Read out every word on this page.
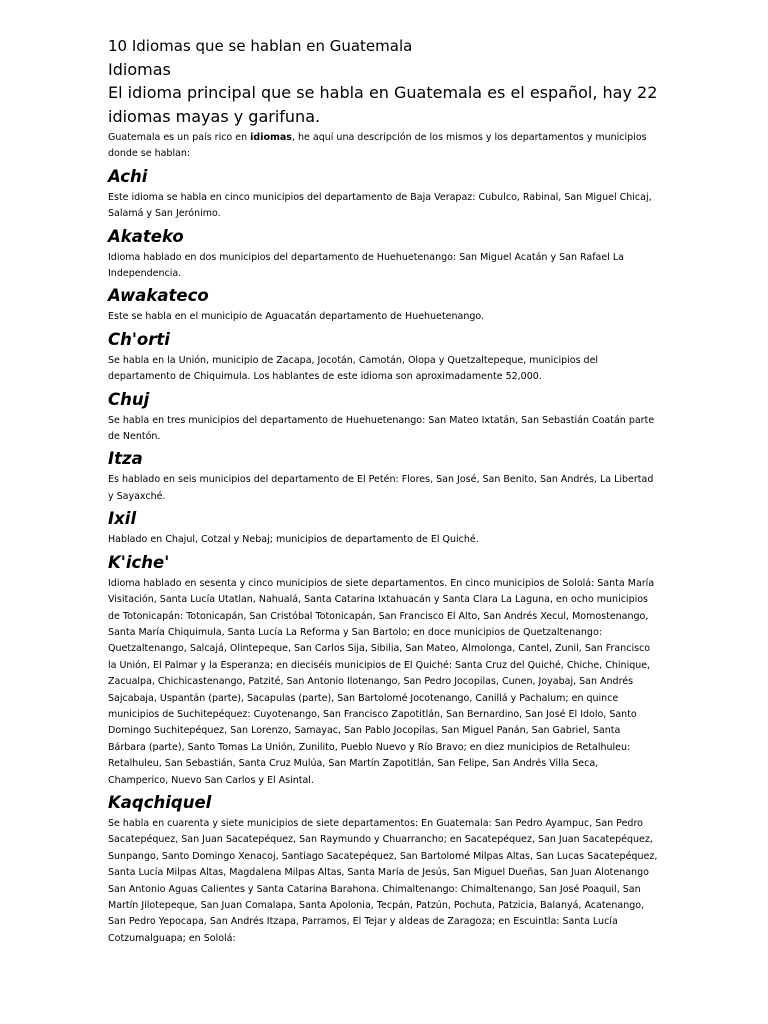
10 Idiomas que se hablan en Guatemala

Idiomas

El idioma principal que se habla en Guatemala es el español, hay 22 idiomas mayas y garifuna.

Guatemala es un país rico en idiomas, he aquí una descripción de los mismos y los departamentos y municipios donde se hablan:

Achi

Este idioma se habla en cinco municipios del departamento de Baja Verapaz: Cubulco, Rabinal, San Miguel Chicaj, Salamá y San Jerónimo.

Akateko

Idioma hablado en dos municipios del departamento de Huehuetenango: San Miguel Acatán y San Rafael La Independencia.

Awakateco

Este se habla en el municipio de Aguacatán departamento de Huehuetenango.

Ch'orti

Se habla en la Unión, municipio de Zacapa, Jocotán, Camotán, Olopa y Quetzaltepeque, municipios del departamento de Chiquimula. Los hablantes de este idioma son aproximadamente 52,000.

Chuj

Se habla en tres municipios del departamento de Huehuetenango: San Mateo Ixtatán, San Sebastián Coatán parte de Nentón.

Itza

Es hablado en seis municipios del departamento de El Petén: Flores, San José, San Benito, San Andrés, La Libertad y Sayaxché.

Ixil

Hablado en Chajul, Cotzal y Nebaj; municipios de departamento de El Quiché.

K'iche'

Idioma hablado en sesenta y cinco municipios de siete departamentos. En cinco municipios de Sololá: Santa María Visitación, Santa Lucía Utatlan, Nahualá, Santa Catarina Ixtahuacán y Santa Clara La Laguna, en ocho municipios de Totonicapán: Totonicapán, San Cristóbal Totonicapán, San Francisco El Alto, San Andrés Xecul, Momostenango, Santa María Chiquimula, Santa Lucía La Reforma y San Bartolo; en doce municipios de Quetzaltenango: Quetzaltenango, Salcajá, Olintepeque, San Carlos Sija, Sibilia, San Mateo, Almolonga, Cantel, Zunil, San Francisco la Unión, El Palmar y la Esperanza; en dieciséis municipios de El Quiché: Santa Cruz del Quiché, Chiche, Chinique, Zacualpa, Chichicastenango, Patzité, San Antonio Ilotenango, San Pedro Jocopilas, Cunen, Joyabaj, San Andrés Sajcabaja, Uspantán (parte), Sacapulas (parte), San Bartolomé Jocotenango, Canillá y Pachalum; en quince municipios de Suchitepéquez: Cuyotenango, San Francisco Zapotitlán, San Bernardino, San José El Idolo, Santo Domingo Suchitepéquez, San Lorenzo, Samayac, San Pablo Jocopilas, San Miguel Panán, San Gabriel, Santa Bárbara (parte), Santo Tomas La Unión, Zunilito, Pueblo Nuevo y Río Bravo; en diez municipios de Retalhuleu: Retalhuleu, San Sebastián, Santa Cruz Mulúa, San Martín Zapotitlán, San Felipe, San Andrés Villa Seca, Champerico, Nuevo San Carlos y El Asintal.

Kaqchiquel

Se habla en cuarenta y siete municipios de siete departamentos: En Guatemala: San Pedro Ayampuc, San Pedro Sacatepéquez, San Juan Sacatepéquez, San Raymundo y Chuarrancho; en Sacatepéquez, San Juan Sacatepéquez, Sunpango, Santo Domingo Xenacoj, Santiago Sacatepéquez, San Bartolomé Milpas Altas, San Lucas Sacatepéquez, Santa Lucía Milpas Altas, Magdalena Milpas Altas, Santa María de Jesús, San Miguel Dueñas, San Juan Alotenango San Antonio Aguas Calientes y Santa Catarina Barahona. Chimaltenango: Chimaltenango, San José Poaquil, San Martín Jilotepeque, San Juan Comalapa, Santa Apolonia, Tecpán, Patzún, Pochuta, Patzicia, Balanyá, Acatenango, San Pedro Yepocapa, San Andrés Itzapa, Parramos, El Tejar y aldeas de Zaragoza; en Escuintla: Santa Lucía Cotzumalguapa; en Sololá:
